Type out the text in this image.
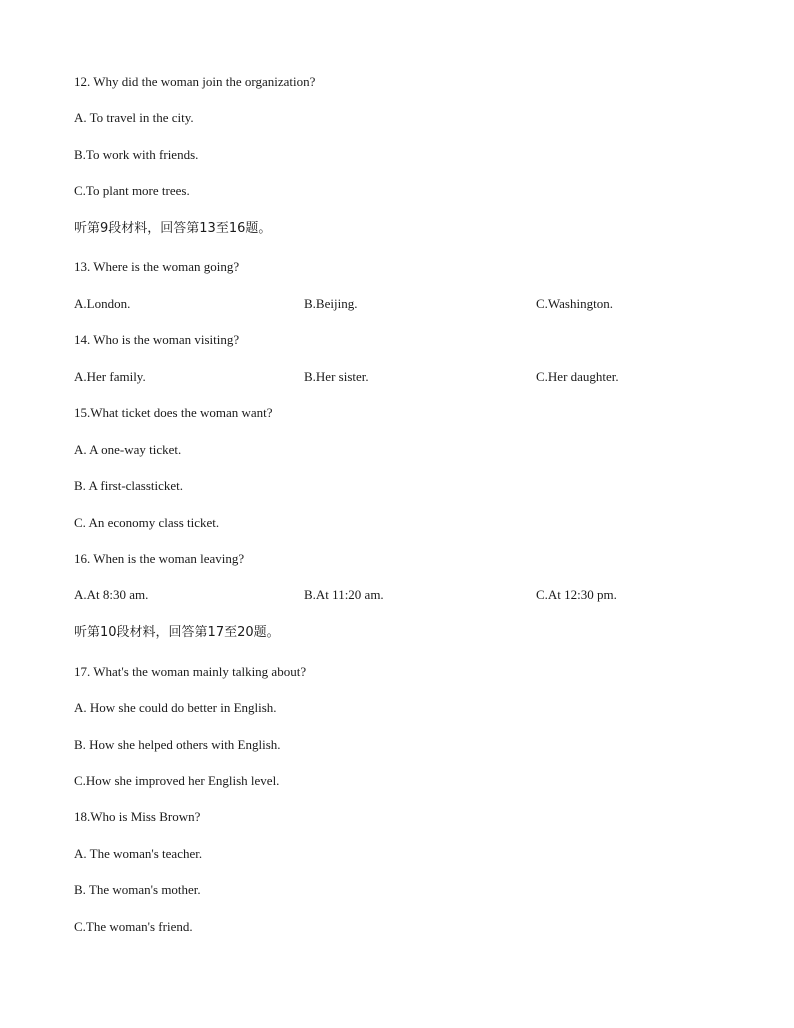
12. Why did the woman join the organization?
A. To travel in the city.
B.To work with friends.
C.To plant more trees.
听第9段材料，回答第13至16题。
13. Where is the woman going?
A.London.	B.Beijing.	C.Washington.
14. Who is the woman visiting?
A.Her family.	B.Her sister.	C.Her daughter.
15.What ticket does the woman want?
A. A one-way ticket.
B. A first-classticket.
C. An economy class ticket.
16. When is the woman leaving?
A.At 8:30 am.	B.At 11:20 am.	C.At 12:30 pm.
听第10段材料，回答第17至20题。
17. What's the woman mainly talking about?
A. How she could do better in English.
B. How she helped others with English.
C.How she improved her English level.
18.Who is Miss Brown?
A. The woman's teacher.
B. The woman's mother.
C.The woman's friend.
